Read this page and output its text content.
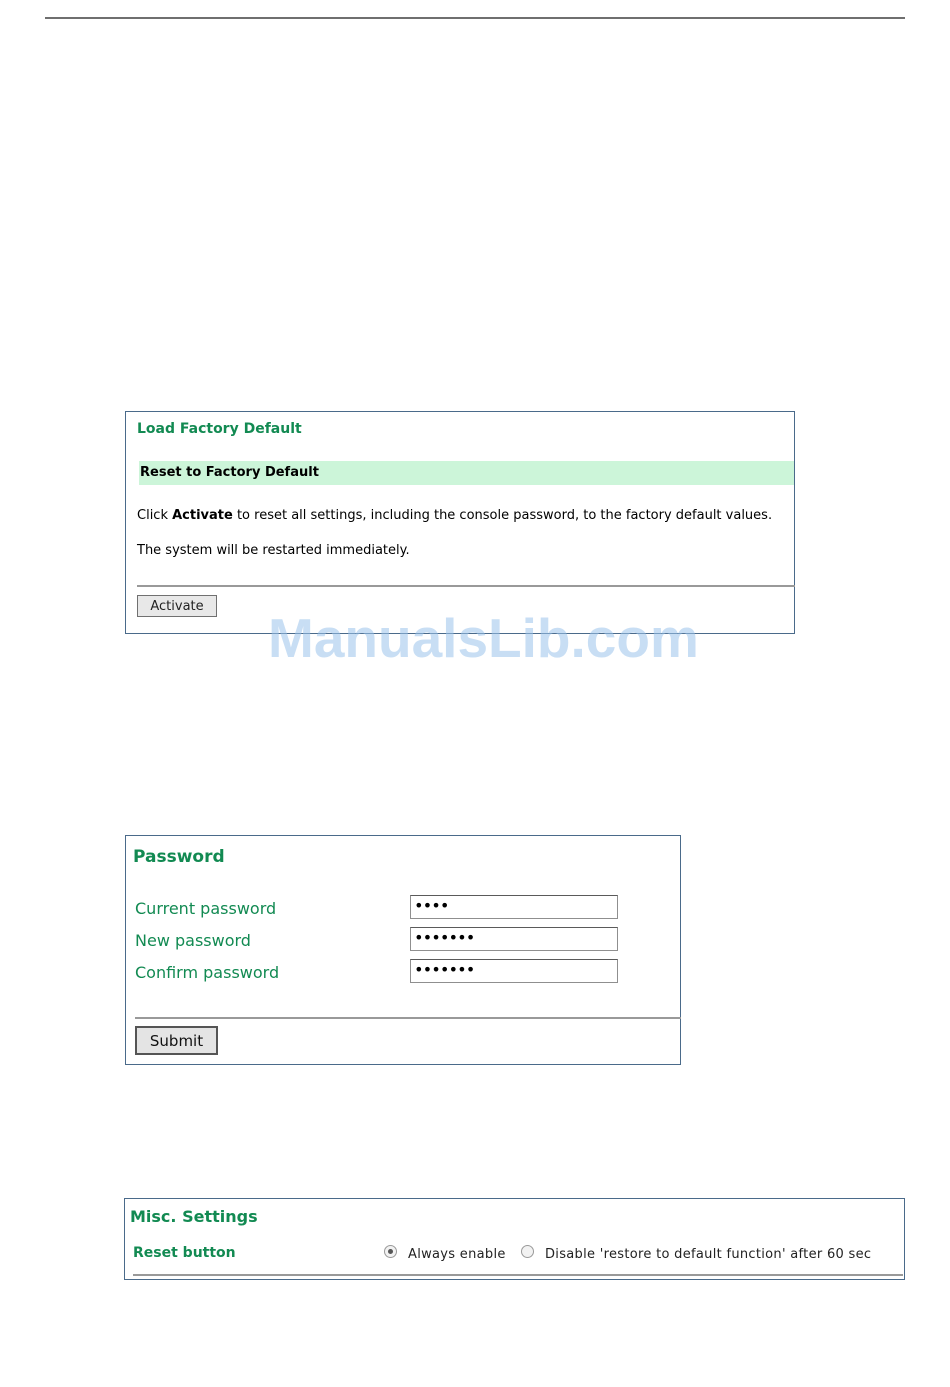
Load Factory Default
Reset to Factory Default
Click Activate to reset all settings, including the console password, to the factory default values.
The system will be restarted immediately.
Activate
Password
Current password	••••
New password	•••••••
Confirm password	•••••••
Submit
Misc. Settings
Reset button	Always enable	Disable 'restore to default function' after 60 sec
ManualsLib.com
